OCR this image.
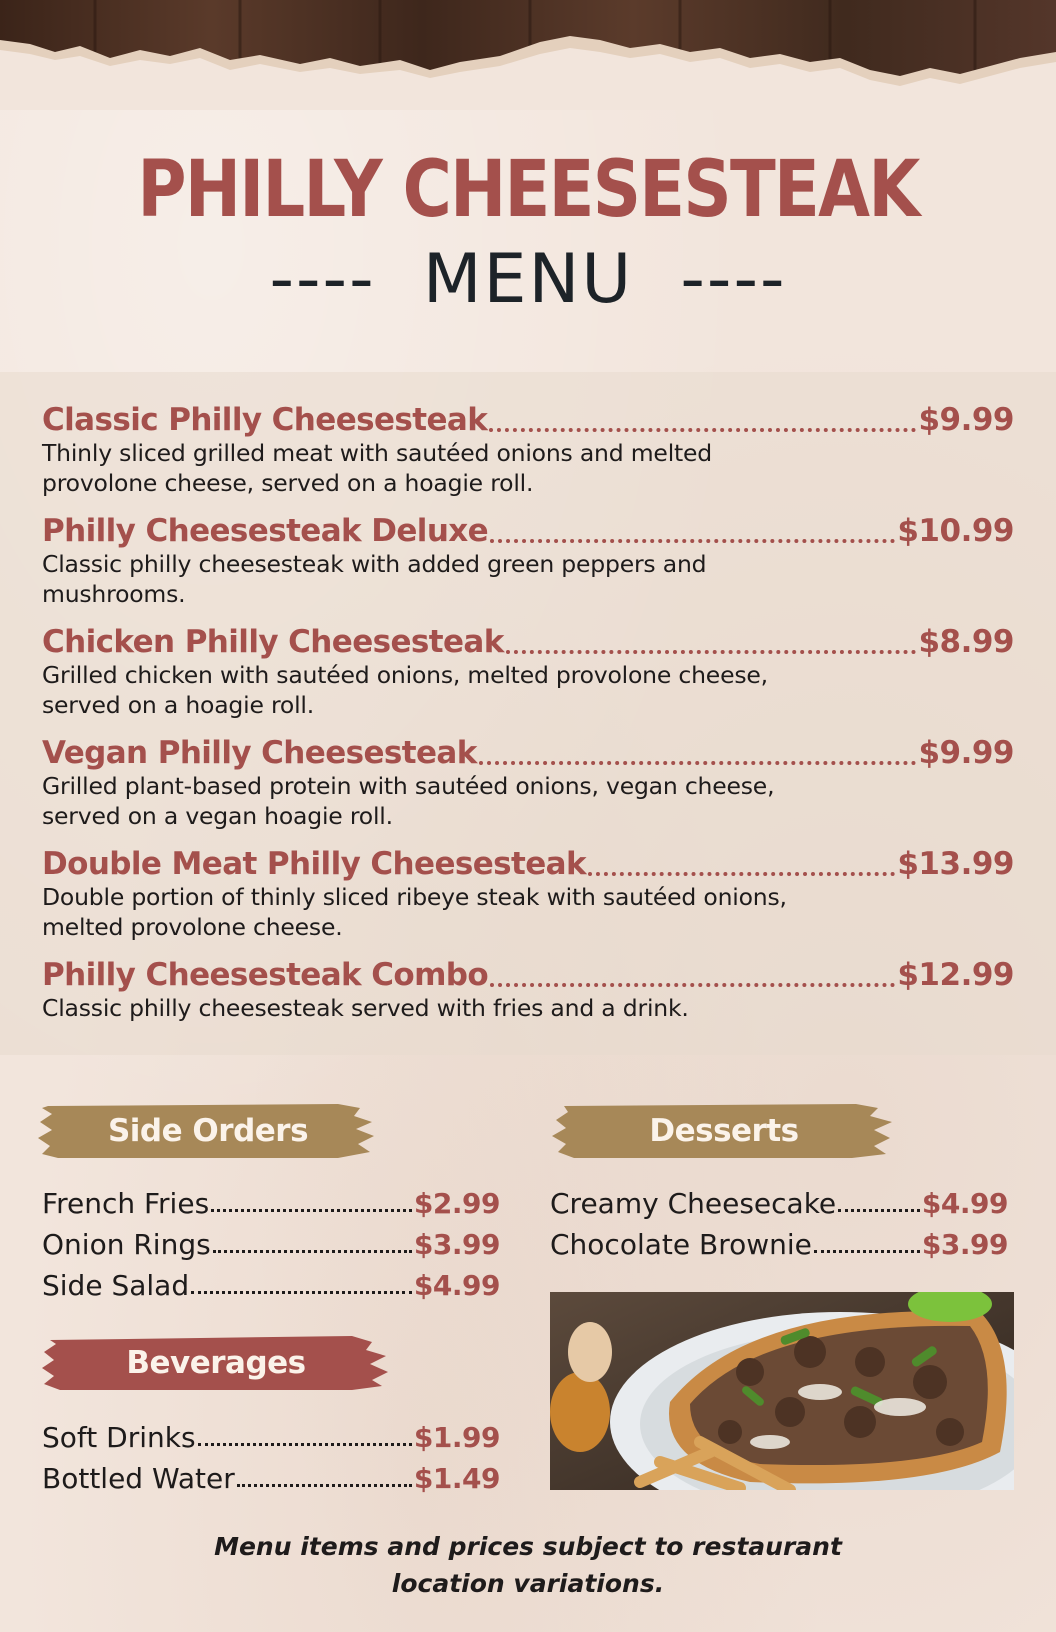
PHILLY CHEESESTEAK
----  MENU  ----
Classic Philly Cheesesteak	$9.99
Thinly sliced grilled meat with sautéed onions and melted
provolone cheese, served on a hoagie roll.
Philly Cheesesteak Deluxe	$10.99
Classic philly cheesesteak with added green peppers and
mushrooms.
Chicken Philly Cheesesteak	$8.99
Grilled chicken with sautéed onions, melted provolone cheese,
served on a hoagie roll.
Vegan Philly Cheesesteak	$9.99
Grilled plant-based protein with sautéed onions, vegan cheese,
served on a vegan hoagie roll.
Double Meat Philly Cheesesteak	$13.99
Double portion of thinly sliced ribeye steak with sautéed onions,
melted provolone cheese.
Philly Cheesesteak Combo	$12.99
Classic philly cheesesteak served with fries and a drink.
Side Orders
French Fries	$2.99
Onion Rings	$3.99
Side Salad	$4.99
Beverages
Soft Drinks	$1.99
Bottled Water	$1.49
Desserts
Creamy Cheesecake	$4.99
Chocolate Brownie	$3.99
Menu items and prices subject to restaurant
location variations.
